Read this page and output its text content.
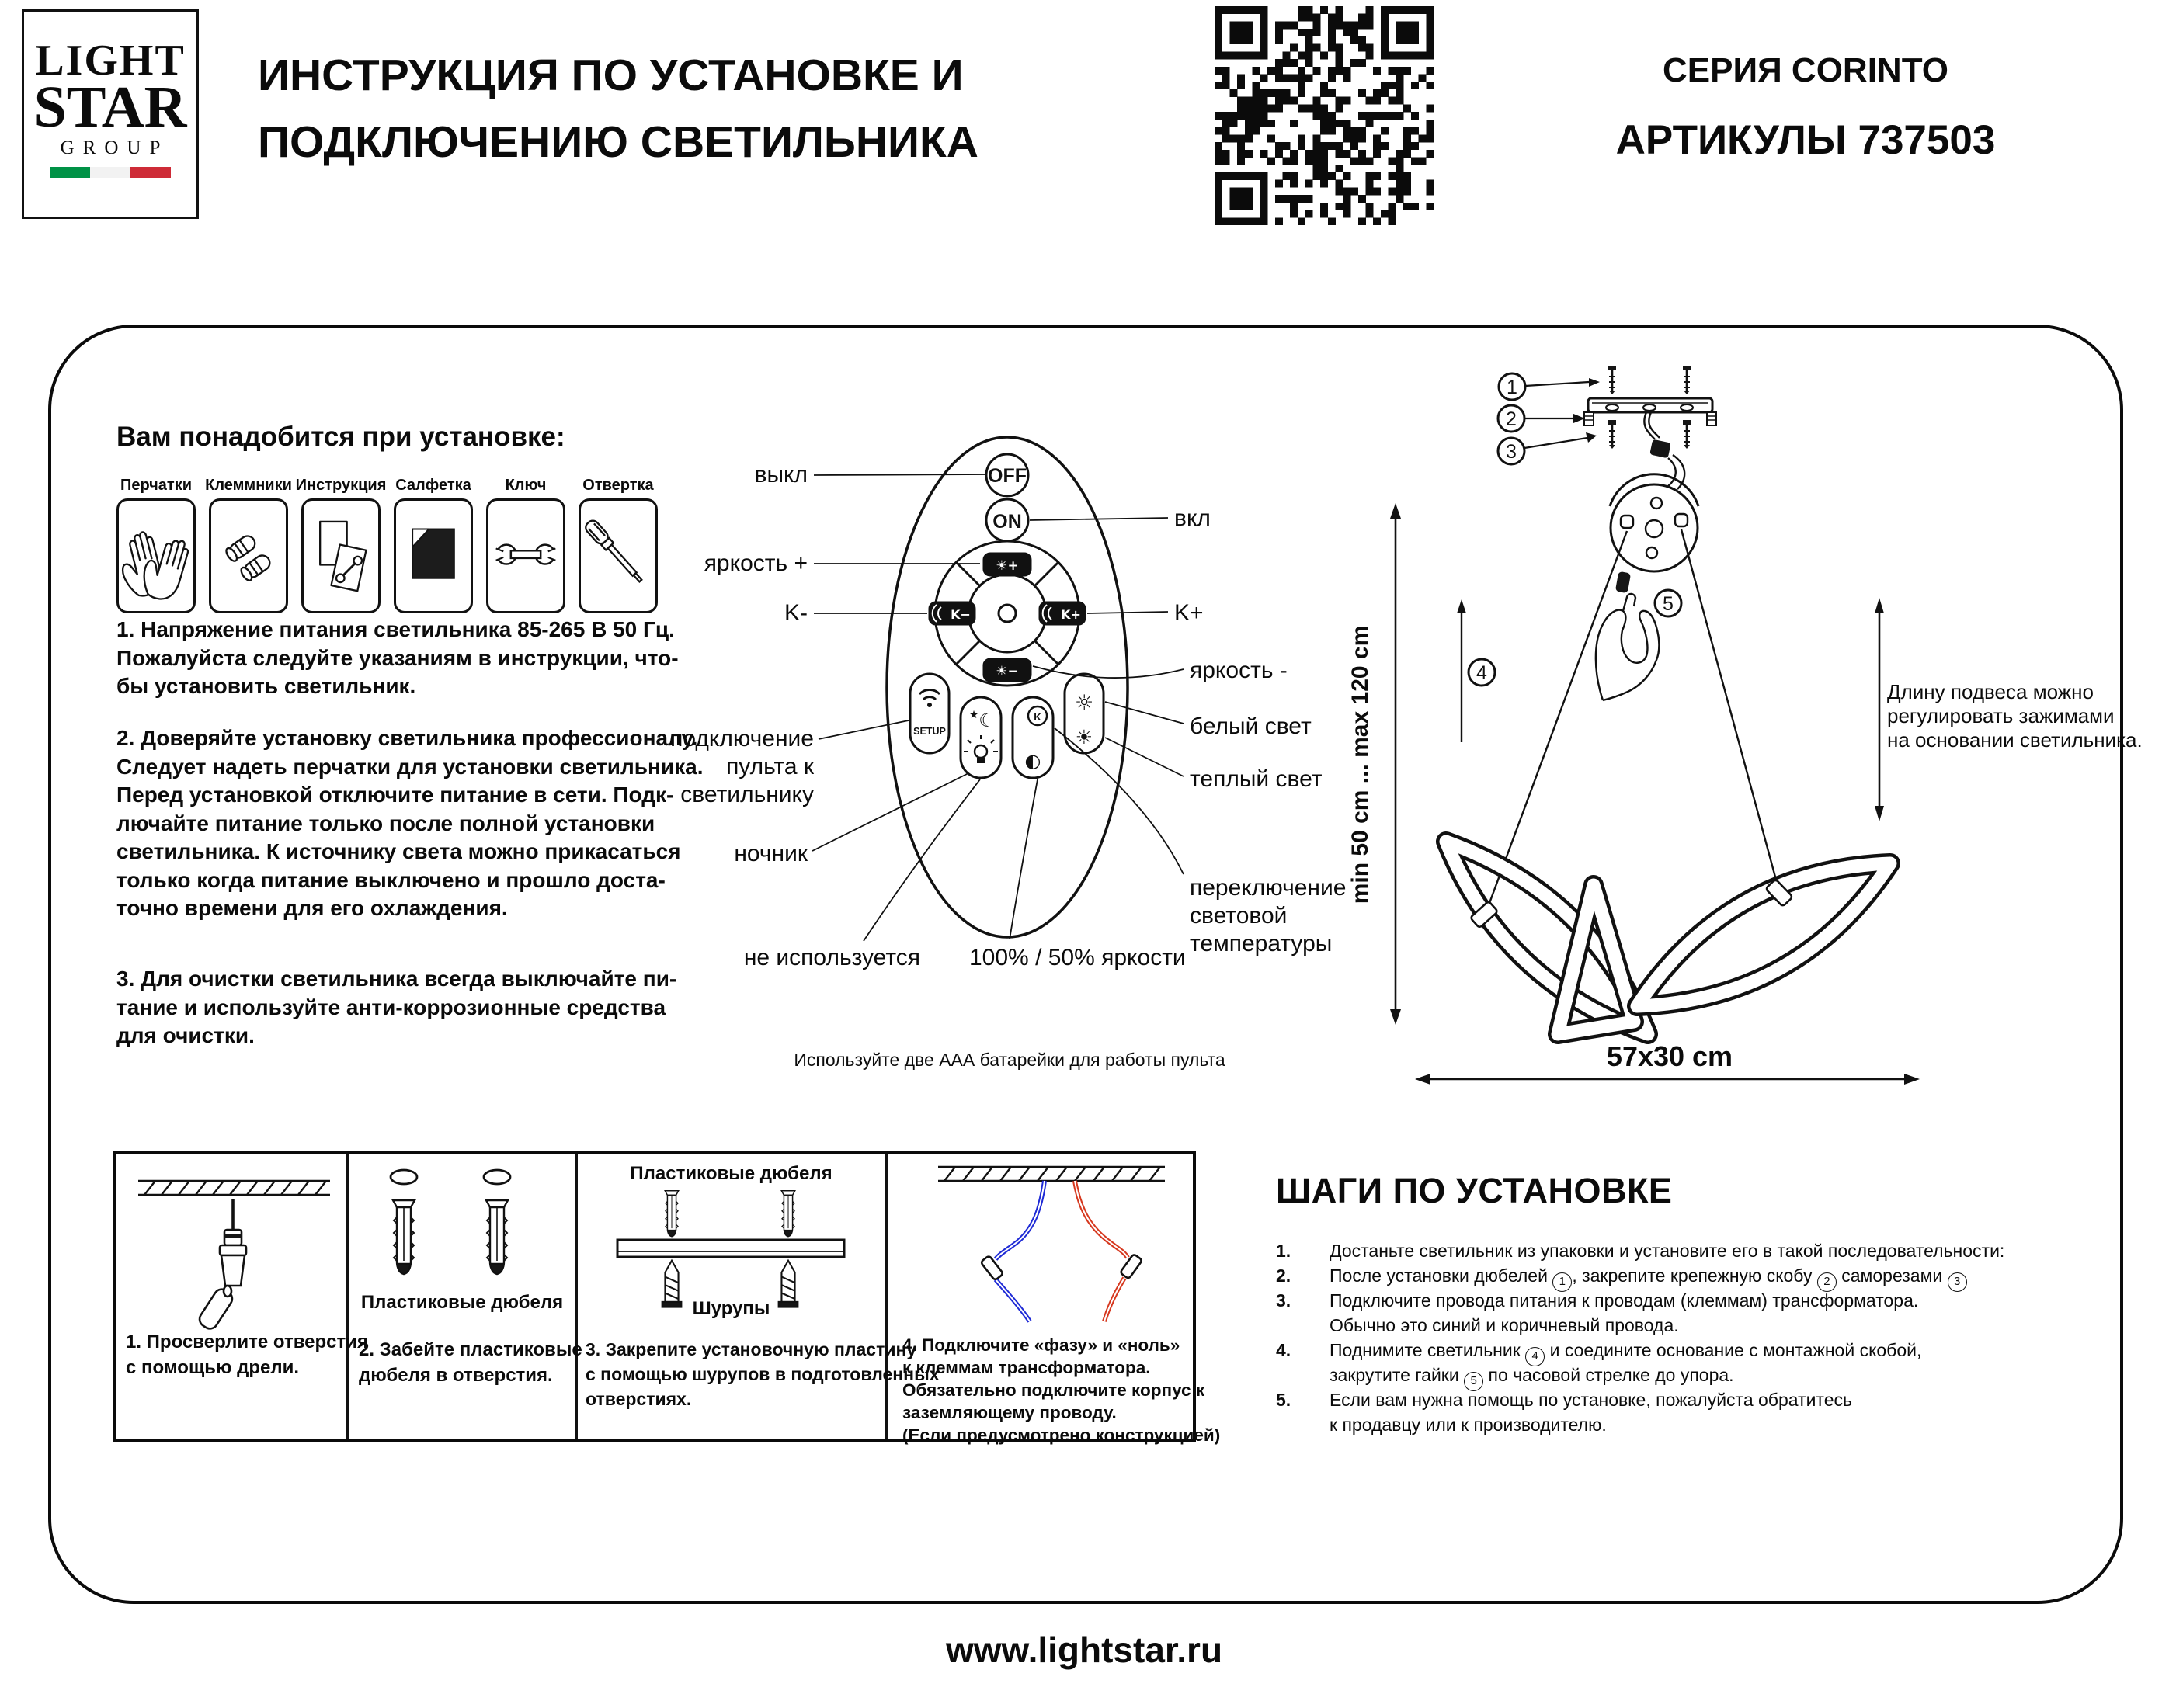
LIGHT
STAR
GROUP
ИНСТРУКЦИЯ ПО УСТАНОВКЕ И
ПОДКЛЮЧЕНИЮ СВЕТИЛЬНИКА
СЕРИЯ CORINTO
АРТИКУЛЫ 737503
Вам понадобится при установке:
Перчатки Клеммники Инструкция Салфетка	Ключ	Отвертка
1. Напряжение питания светильника 85-265 В 50 Гц.
Пожалуйста следуйте указаниям в инструкции, что-
бы установить светильник.
2. Доверяйте установку светильника профессионалу.
Следует надеть перчатки для установки светильника.
Перед установкой отключите питание в сети. Подк-
лючайте питание только после полной установки
светильника. К источнику света можно прикасаться
только когда питание выключено и прошло доста-
точно времени для его охлаждения.
3. Для очистки светильника всегда выключайте пи-
тание и используйте анти-коррозионные средства
для очистки.
OFF
ON
☀+
☀−
K−	K+
SETUP
★ ☾	K
◐
☼
☀
1
2
3
4
5
выкл
вкл
яркость +
K-	K+
яркость -
белый свет
теплый свет
подключение
пульта к
светильнику
ночник
не используется
переключение
световой
температуры
100% / 50% яркости
Используйте две ААА батарейки для работы пульта
Длину подвеса можно
регулировать зажимами
на основании светильника.
min 50 cm ... max 120 cm
57x30 cm
1. Просверлите отверстия
с помощью дрели.
Пластиковые дюбеля
2. Забейте пластиковые
дюбеля в отверстия.
Пластиковые дюбеля
Шурупы
3. Закрепите установочную пластину
с помощью шурупов в подготовленных
отверстиях.
4. Подключите «фазу» и «ноль»
к клеммам трансформатора.
Обязательно подключите корпус к
заземляющему проводу.
(Если предусмотрено конструкцией)
ШАГИ ПО УСТАНОВКЕ
1.	Достаньте светильник из упаковки и установите его в такой последовательности:
2.	После установки дюбелей 1 , закрепите крепежную скобу 2 саморезами 3
3.	Подключите провода питания к проводам (клеммам) трансформатора.
Обычно это синий и коричневый провода.
4.	Поднимите светильник 4 и соедините основание с монтажной скобой,
закрутите гайки 5 по часовой стрелке до упора.
5.	Если вам нужна помощь по установке, пожалуйста обратитесь
к продавцу или к производителю.
www.lightstar.ru
